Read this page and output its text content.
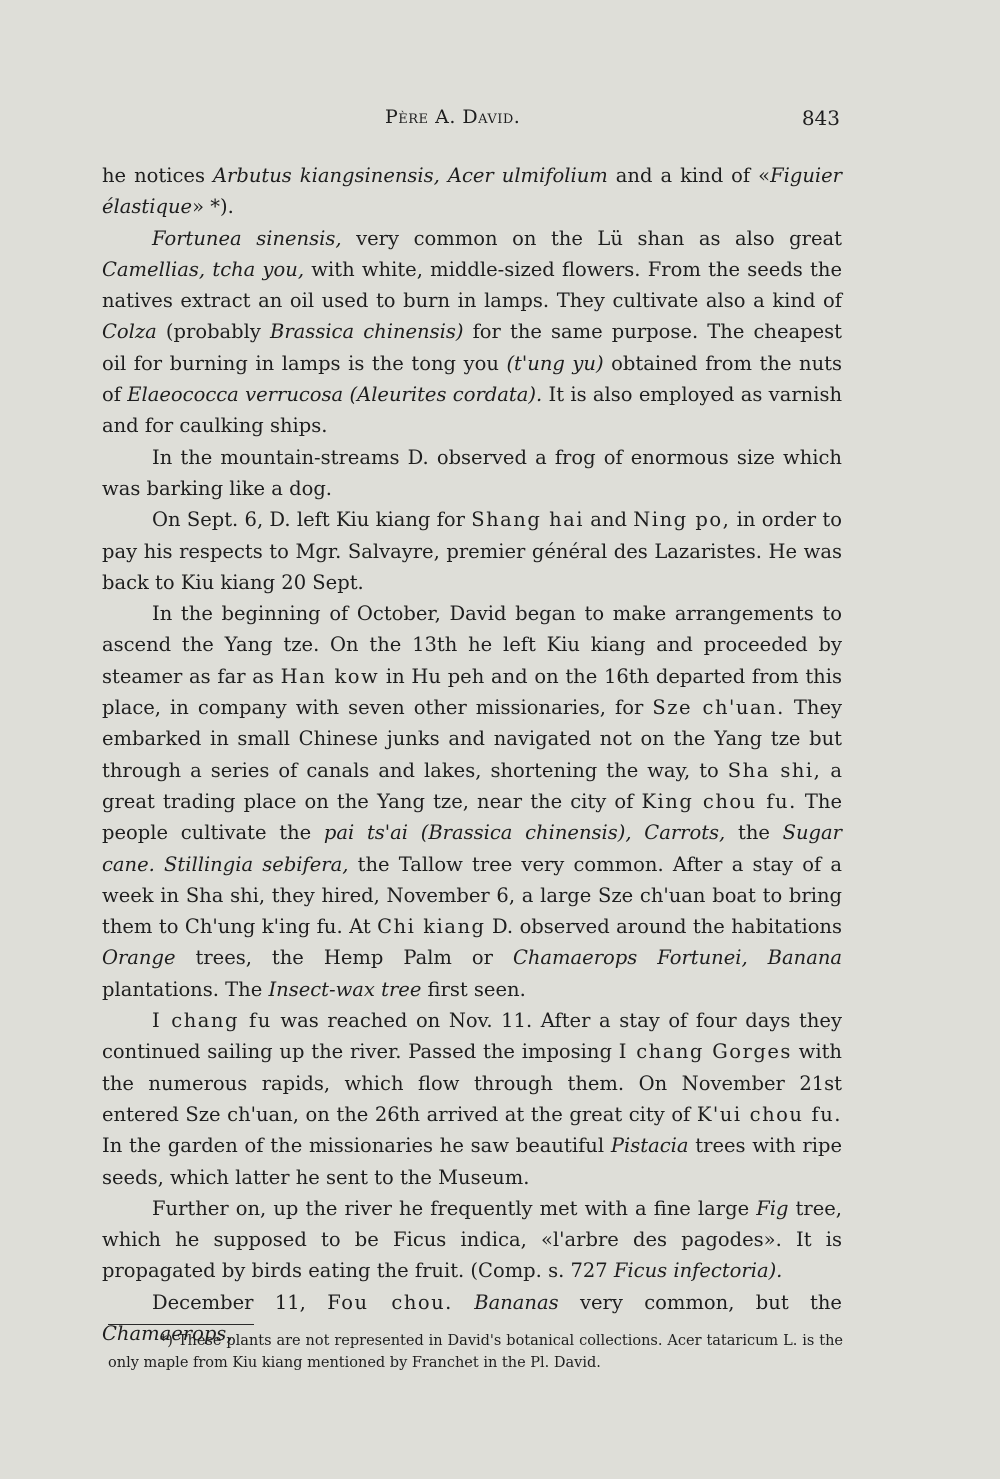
Père A. David.	843

he notices Arbutus kiangsinensis, Acer ulmifolium and a kind of «Figuier élastique» *).

Fortunea sinensis, very common on the Lü shan as also great Camellias, tcha you, with white, middle-sized flowers. From the seeds the natives extract an oil used to burn in lamps. They cultivate also a kind of Colza (probably Brassica chinensis) for the same purpose. The cheapest oil for burning in lamps is the tong you (t'ung yu) obtained from the nuts of Elaeococca verrucosa (Aleurites cordata). It is also employed as varnish and for caulking ships.

In the mountain-streams D. observed a frog of enormous size which was barking like a dog.

On Sept. 6, D. left Kiu kiang for Shang hai and Ning po, in order to pay his respects to Mgr. Salvayre, premier général des Lazaristes. He was back to Kiu kiang 20 Sept.

In the beginning of October, David began to make arrangements to ascend the Yang tze. On the 13th he left Kiu kiang and proceeded by steamer as far as Han kow in Hu peh and on the 16th departed from this place, in company with seven other missionaries, for Sze ch'uan. They embarked in small Chinese junks and navigated not on the Yang tze but through a series of canals and lakes, shortening the way, to Sha shi, a great trading place on the Yang tze, near the city of King chou fu. The people cultivate the pai ts'ai (Brassica chinensis), Carrots, the Sugar cane. Stillingia sebifera, the Tallow tree very common. After a stay of a week in Sha shi, they hired, November 6, a large Sze ch'uan boat to bring them to Ch'ung k'ing fu. At Chi kiang D. observed around the habitations Orange trees, the Hemp Palm or Chamaerops Fortunei, Banana plantations. The Insect-wax tree first seen.

I chang fu was reached on Nov. 11. After a stay of four days they continued sailing up the river. Passed the imposing I chang Gorges with the numerous rapids, which flow through them. On November 21st entered Sze ch'uan, on the 26th arrived at the great city of K'ui chou fu. In the garden of the missionaries he saw beautiful Pistacia trees with ripe seeds, which latter he sent to the Museum.

Further on, up the river he frequently met with a fine large Fig tree, which he supposed to be Ficus indica, «l'arbre des pagodes». It is propagated by birds eating the fruit. (Comp. s. 727 Ficus infectoria).

December 11, Fou chou. Bananas very common, but the Chamaerops,

*) These plants are not represented in David's botanical collections. Acer tataricum L. is the only maple from Kiu kiang mentioned by Franchet in the Pl. David.
